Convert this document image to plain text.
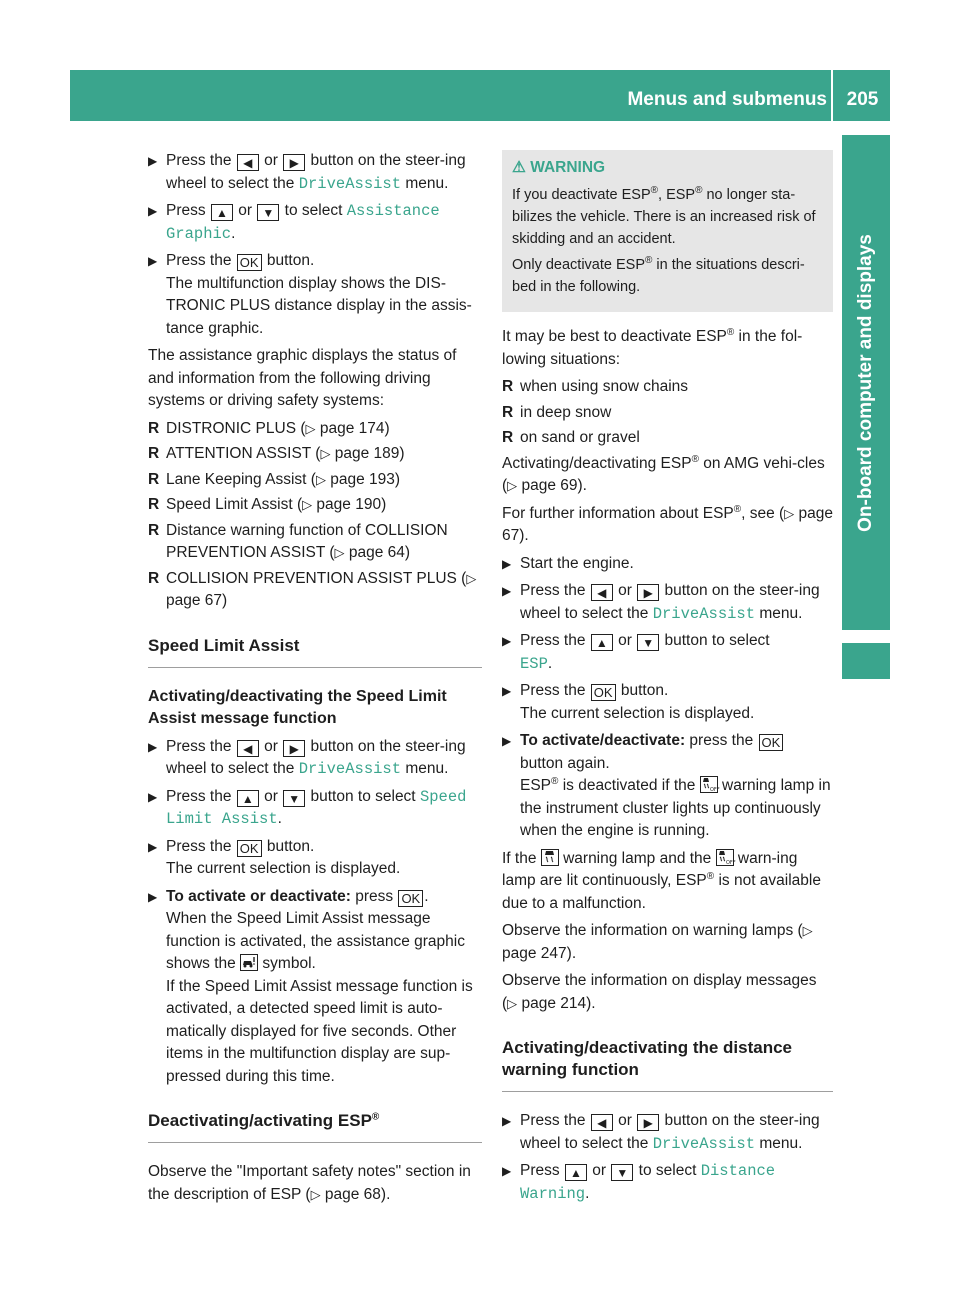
Menus and submenus	205
On-board computer and displays
▶ Press the ◀ or ▶ button on the steer-ing wheel to select the DriveAssist menu.
▶ Press ▲ or ▼ to select Assistance Graphic.
▶ Press the OK button.
The multifunction display shows the DIS-TRONIC PLUS distance display in the assis-tance graphic.

The assistance graphic displays the status of and information from the following driving systems or driving safety systems:

R DISTRONIC PLUS (▷ page 174)
R ATTENTION ASSIST (▷ page 189)
R Lane Keeping Assist (▷ page 193)
R Speed Limit Assist (▷ page 190)
R Distance warning function of COLLISION PREVENTION ASSIST (▷ page 64)
R COLLISION PREVENTION ASSIST PLUS (▷ page 67)
Speed Limit Assist
Activating/deactivating the Speed Limit Assist message function
▶ Press the ◀ or ▶ button on the steer-ing wheel to select the DriveAssist menu.
▶ Press the ▲ or ▼ button to select Speed Limit Assist.
▶ Press the OK button.
The current selection is displayed.
▶ To activate or deactivate: press OK .
When the Speed Limit Assist message function is activated, the assistance graphic shows the  symbol.
If the Speed Limit Assist message function is activated, a detected speed limit is auto-matically displayed for five seconds. Other items in the multifunction display are sup-pressed during this time.
Deactivating/activating ESP®

Observe the "Important safety notes" section in the description of ESP (▷ page 68).

⚠ WARNING

If you deactivate ESP®, ESP® no longer sta-bilizes the vehicle. There is an increased risk of skidding and an accident.

Only deactivate ESP® in the situations descri-bed in the following.

It may be best to deactivate ESP® in the fol-lowing situations:

R when using snow chains
R in deep snow
R on sand or gravel

Activating/deactivating ESP® on AMG vehi-cles (▷ page 69).

For further information about ESP®, see (▷ page 67).

▶ Start the engine.
▶ Press the ◀ or ▶ button on the steer-ing wheel to select the DriveAssist menu.
▶ Press the ▲ or ▼ button to select
ESP.
▶ Press the OK button.
The current selection is displayed.
▶ To activate/deactivate: press the OK
button again.
ESP® is deactivated if the OFF
warning lamp in the instrument cluster lights up continuously when the engine is running.

If the  warning lamp and the OFF
warn-ing lamp are lit continuously, ESP® is not available due to a malfunction.

Observe the information on warning lamps (▷ page 247).

Observe the information on display messages (▷ page 214).

Activating/deactivating the distance warning function
▶ Press the ◀ or ▶ button on the steer-ing wheel to select the DriveAssist menu.
▶ Press ▲ or ▼ to select Distance Warning.
